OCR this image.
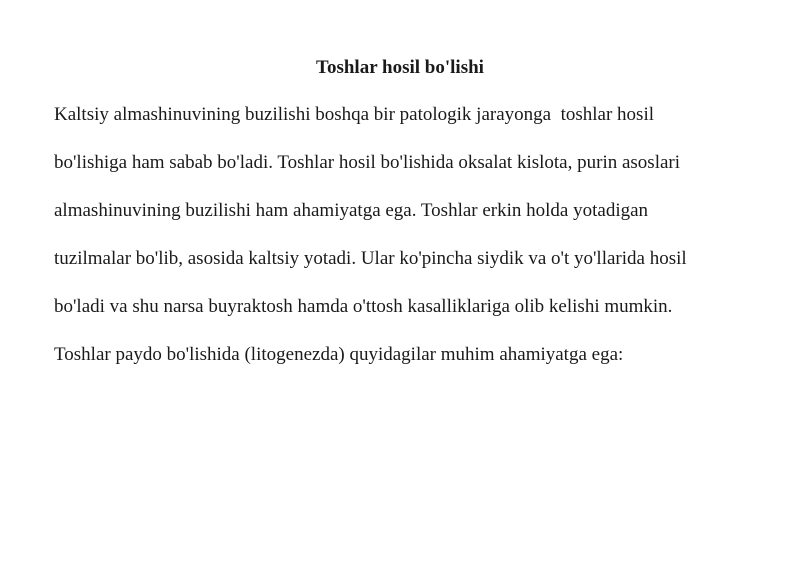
Toshlar hosil bo'lishi
Kaltsiy almashinuvining buzilishi boshqa bir patologik jarayonga  toshlar hosil
bo'lishiga ham sabab bo'ladi. Toshlar hosil bo'lishida oksalat kislota, purin asoslari
almashinuvining buzilishi ham ahamiyatga ega. Toshlar erkin holda yotadigan
tuzilmalar bo'lib, asosida kaltsiy yotadi. Ular ko'pincha siydik va o't yo'llarida hosil
bo'ladi va shu narsa buyraktosh hamda o'ttosh kasalliklariga olib kelishi mumkin.
Toshlar paydo bo'lishida (litogenezda) quyidagilar muhim ahamiyatga ega:
